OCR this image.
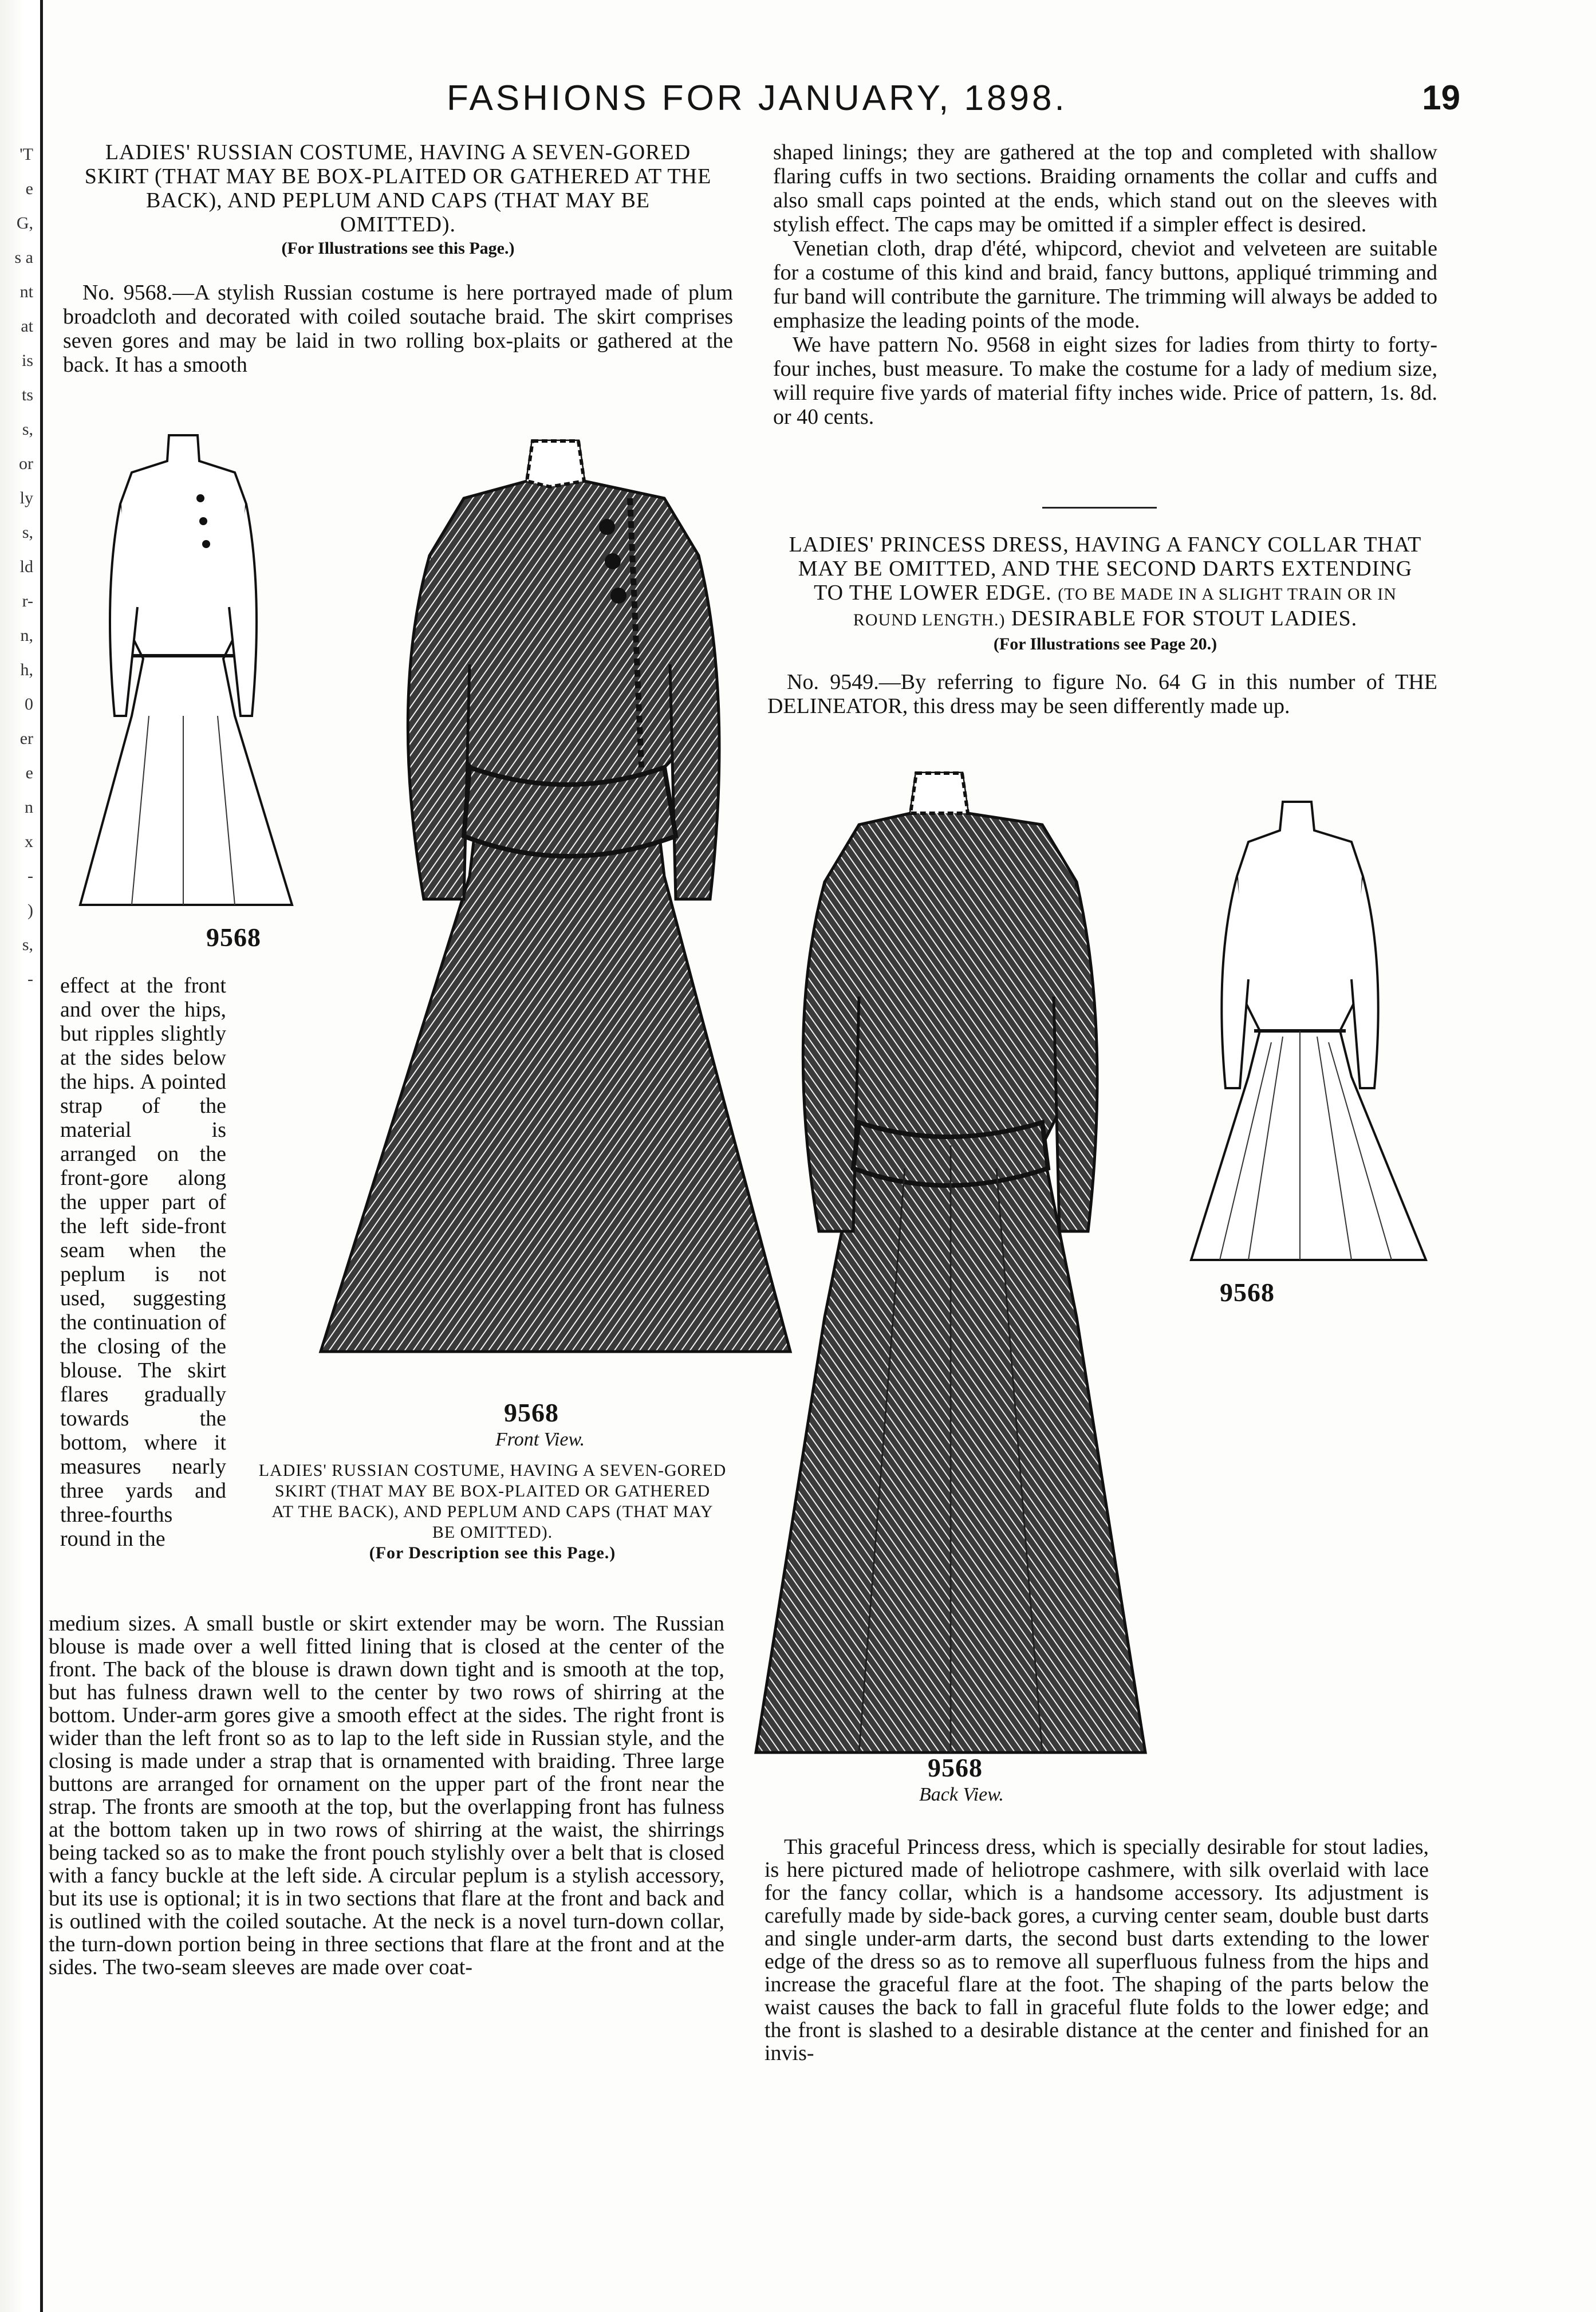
'T
e
G,
s a
nt
at
is
ts
s,
or
ly
s,
ld
r-
n,
h,
0
er
e
n
x
-
)
s,
-
FASHIONS FOR JANUARY, 1898.	19

LADIES' RUSSIAN COSTUME, HAVING A SEVEN-GORED

SKIRT (THAT MAY BE BOX-PLAITED OR GATHERED AT THE

BACK), AND PEPLUM AND CAPS (THAT MAY BE

OMITTED).

(For Illustrations see this Page.)

No. 9568.—A stylish Russian costume is here portrayed made of plum broadcloth and decorated with coiled soutache braid. The skirt comprises seven gores and may be laid in two rolling box-plaits or gathered at the back. It has a smooth
9568
effect at the front and over the hips, but ripples slightly at the sides below the hips. A pointed strap of the material is arranged on the front-gore along the upper part of the left side-front seam when the peplum is not used, suggesting the continuation of the closing of the blouse. The skirt flares gradually towards the bottom, where it measures nearly three yards and three-fourths round in the
9568
Front View.

LADIES' RUSSIAN COSTUME, HAVING A SEVEN-GORED

SKIRT (THAT MAY BE BOX-PLAITED OR GATHERED

AT THE BACK), AND PEPLUM AND CAPS (THAT MAY

BE OMITTED).

(For Description see this Page.)

medium sizes. A small bustle or skirt extender may be worn. The Russian blouse is made over a well fitted lining that is closed at the center of the front. The back of the blouse is drawn down tight and is smooth at the top, but has fulness drawn well to the center by two rows of shirring at the bottom. Under-arm gores give a smooth effect at the sides. The right front is wider than the left front so as to lap to the left side in Russian style, and the closing is made under a strap that is ornamented with braiding. Three large buttons are arranged for ornament on the upper part of the front near the strap. The fronts are smooth at the top, but the overlapping front has fulness at the bottom taken up in two rows of shirring at the waist, the shirrings being tacked so as to make the front pouch stylishly over a belt that is closed with a fancy buckle at the left side. A circular peplum is a stylish accessory, but its use is optional; it is in two sections that flare at the front and back and is outlined with the coiled soutache. At the neck is a novel turn-down collar, the turn-down portion being in three sections that flare at the front and at the sides. The two-seam sleeves are made over coat-

shaped linings; they are gathered at the top and completed with shallow flaring cuffs in two sections. Braiding ornaments the collar and cuffs and also small caps pointed at the ends, which stand out on the sleeves with stylish effect. The caps may be omitted if a simpler effect is desired.

Venetian cloth, drap d'été, whipcord, cheviot and velveteen are suitable for a costume of this kind and braid, fancy buttons, appliqué trimming and fur band will contribute the garniture. The trimming will always be added to emphasize the leading points of the mode.

We have pattern No. 9568 in eight sizes for ladies from thirty to forty-four inches, bust measure. To make the costume for a lady of medium size, will require five yards of material fifty inches wide. Price of pattern, 1s. 8d. or 40 cents.

LADIES' PRINCESS DRESS, HAVING A FANCY COLLAR THAT

MAY BE OMITTED, AND THE SECOND DARTS EXTENDING

TO THE LOWER EDGE. (TO BE MADE IN A SLIGHT TRAIN OR IN

ROUND LENGTH.) DESIRABLE FOR STOUT LADIES.

(For Illustrations see Page 20.)

No. 9549.—By referring to figure No. 64 G in this number of THE DELINEATOR, this dress may be seen differently made up.
9568
Back View.
9568
This graceful Princess dress, which is specially desirable for stout ladies, is here pictured made of heliotrope cashmere, with silk overlaid with lace for the fancy collar, which is a handsome accessory. Its adjustment is carefully made by side-back gores, a curving center seam, double bust darts and single under-arm darts, the second bust darts extending to the lower edge of the dress so as to remove all superfluous fulness from the hips and increase the graceful flare at the foot. The shaping of the parts below the waist causes the back to fall in graceful flute folds to the lower edge; and the front is slashed to a desirable distance at the center and finished for an invis-
